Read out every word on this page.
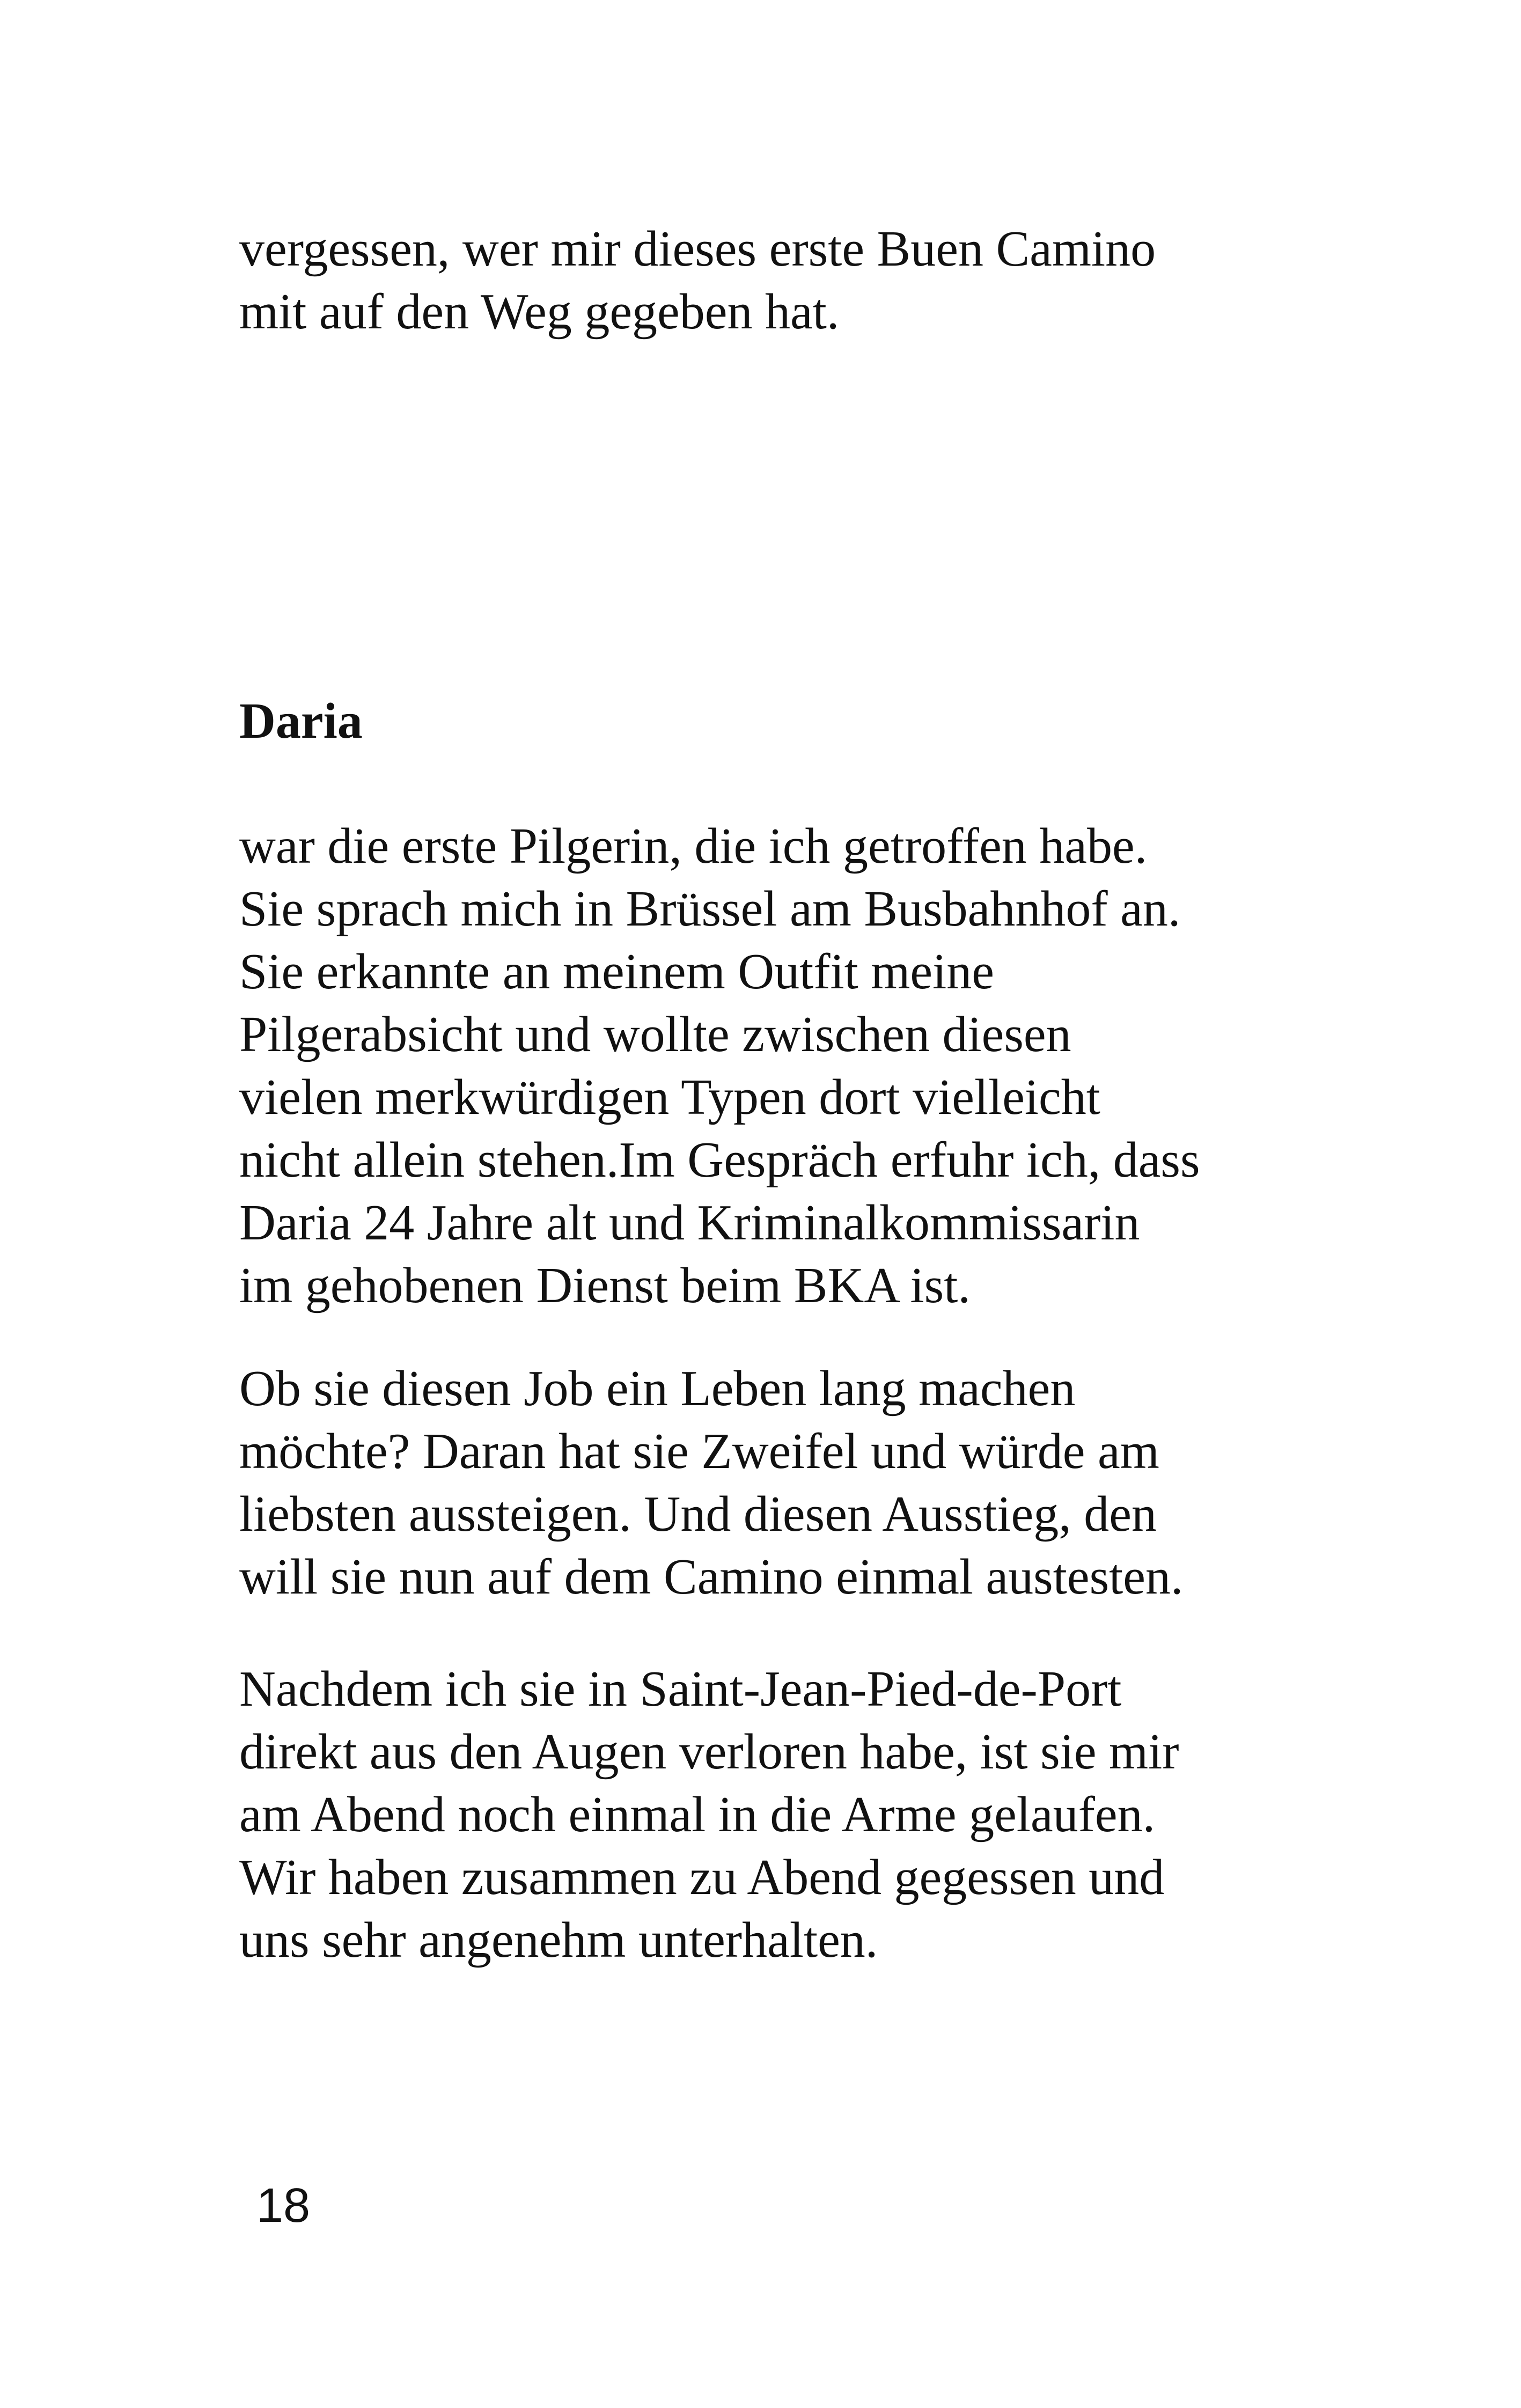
vergessen, wer mir dieses erste Buen Camino
mit auf den Weg gegeben hat.
Daria
war die erste Pilgerin, die ich getroffen habe.
Sie sprach mich in Brüssel am Busbahnhof an.
Sie erkannte an meinem Outfit meine
Pilgerabsicht und wollte zwischen diesen
vielen merkwürdigen Typen dort vielleicht
nicht allein stehen.Im Gespräch erfuhr ich, dass
Daria 24 Jahre alt und Kriminalkommissarin
im gehobenen Dienst beim BKA ist.
Ob sie diesen Job ein Leben lang machen
möchte? Daran hat sie Zweifel und würde am
liebsten aussteigen. Und diesen Ausstieg, den
will sie nun auf dem Camino einmal austesten.
Nachdem ich sie in Saint-Jean-Pied-de-Port
direkt aus den Augen verloren habe, ist sie mir
am Abend noch einmal in die Arme gelaufen.
Wir haben zusammen zu Abend gegessen und
uns sehr angenehm unterhalten.
18
